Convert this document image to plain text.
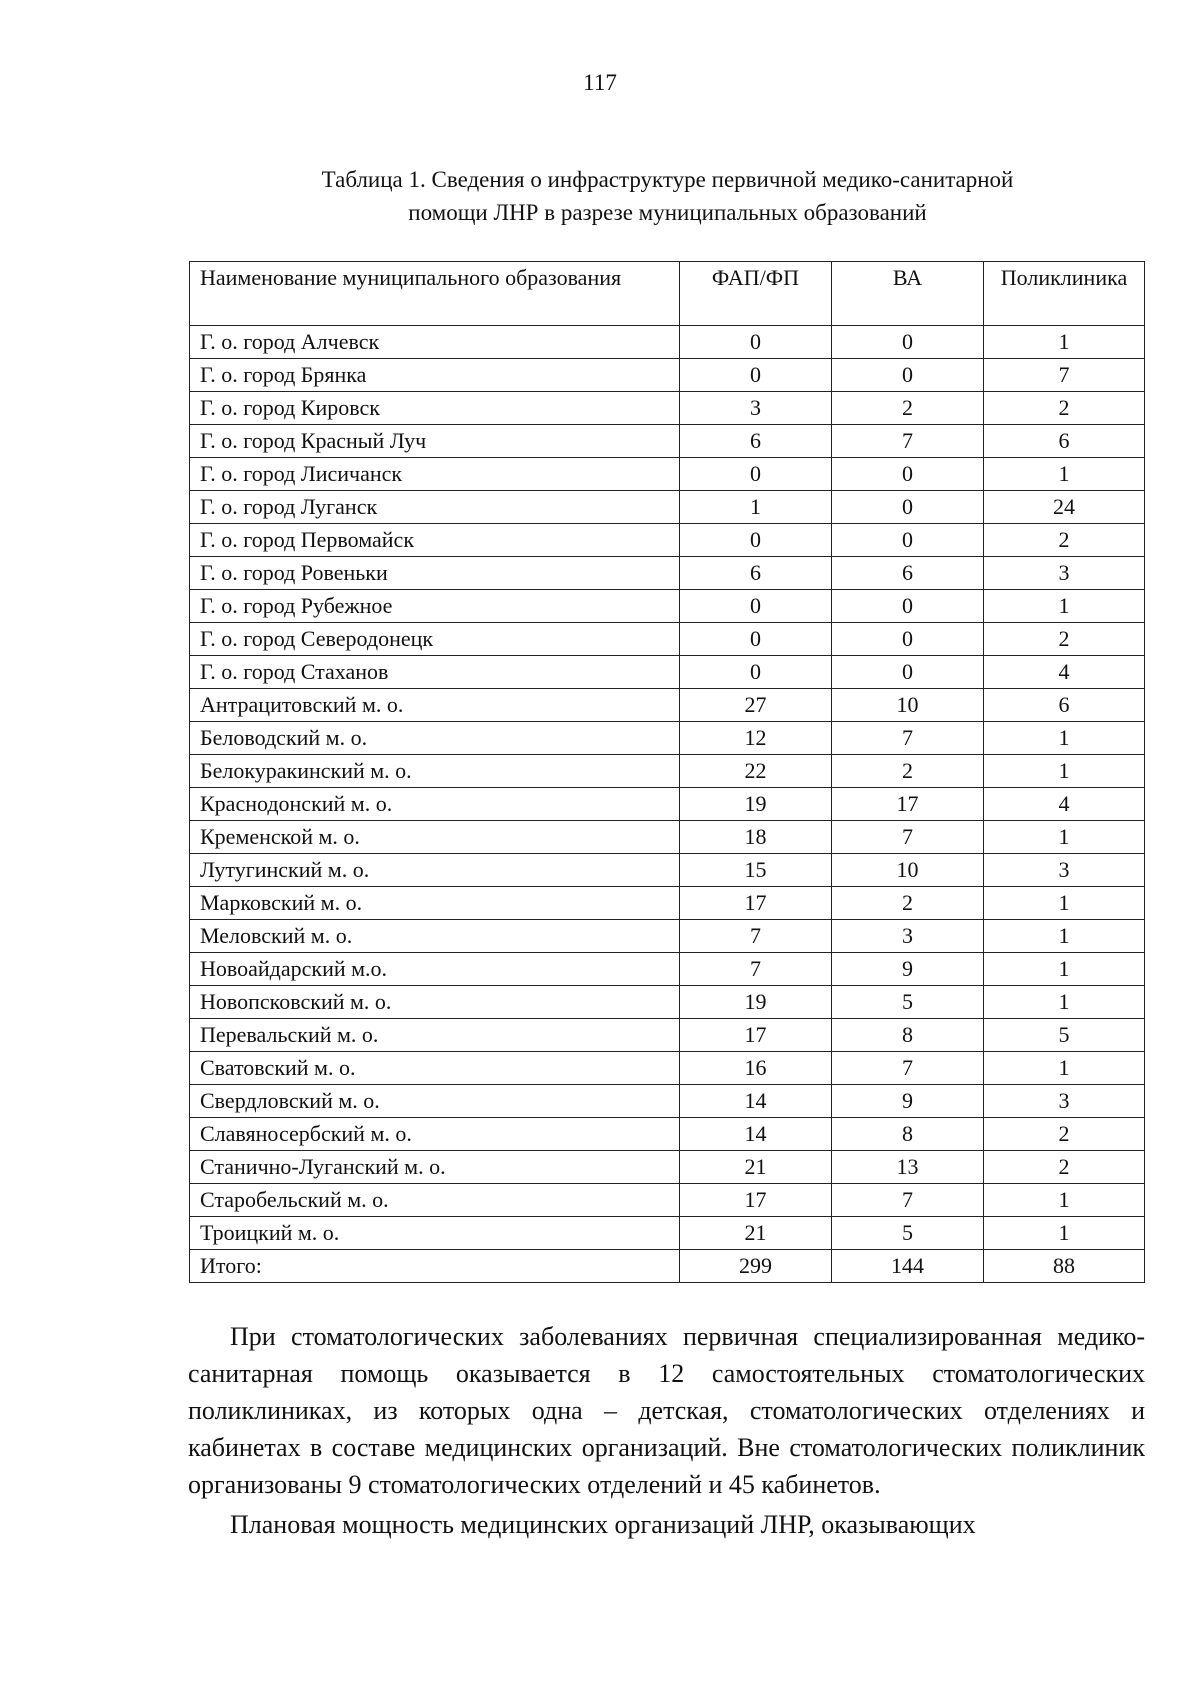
117
Таблица 1. Сведения о инфраструктуре первичной медико-санитарной
помощи ЛНР в разрезе муниципальных образований
Наименование муниципального образования	ФАП/ФП	ВА	Поликлиника
Г. о. город Алчевск	0	0	1
Г. о. город Брянка	0	0	7
Г. о. город Кировск	3	2	2
Г. о. город Красный Луч	6	7	6
Г. о. город Лисичанск	0	0	1
Г. о. город Луганск	1	0	24
Г. о. город Первомайск	0	0	2
Г. о. город Ровеньки	6	6	3
Г. о. город Рубежное	0	0	1
Г. о. город Северодонецк	0	0	2
Г. о. город Стаханов	0	0	4
Антрацитовский м. о.	27	10	6
Беловодский м. о.	12	7	1
Белокуракинский м. о.	22	2	1
Краснодонский м. о.	19	17	4
Кременской м. о.	18	7	1
Лутугинский м. о.	15	10	3
Марковский м. о.	17	2	1
Меловский м. о.	7	3	1
Новоайдарский м.о.	7	9	1
Новопсковский м. о.	19	5	1
Перевальский м. о.	17	8	5
Сватовский м. о.	16	7	1
Свердловский м. о.	14	9	3
Славяносербский м. о.	14	8	2
Станично-Луганский м. о.	21	13	2
Старобельский м. о.	17	7	1
Троицкий м. о.	21	5	1
Итого:	299	144	88

При стоматологических заболеваниях первичная специализированная медико-санитарная помощь оказывается в 12 самостоятельных стоматологических поликлиниках, из которых одна – детская, стоматологических отделениях и кабинетах в составе медицинских организаций. Вне стоматологических поликлиник организованы 9 стоматологических отделений и 45 кабинетов.

Плановая мощность медицинских организаций ЛНР, оказывающих
